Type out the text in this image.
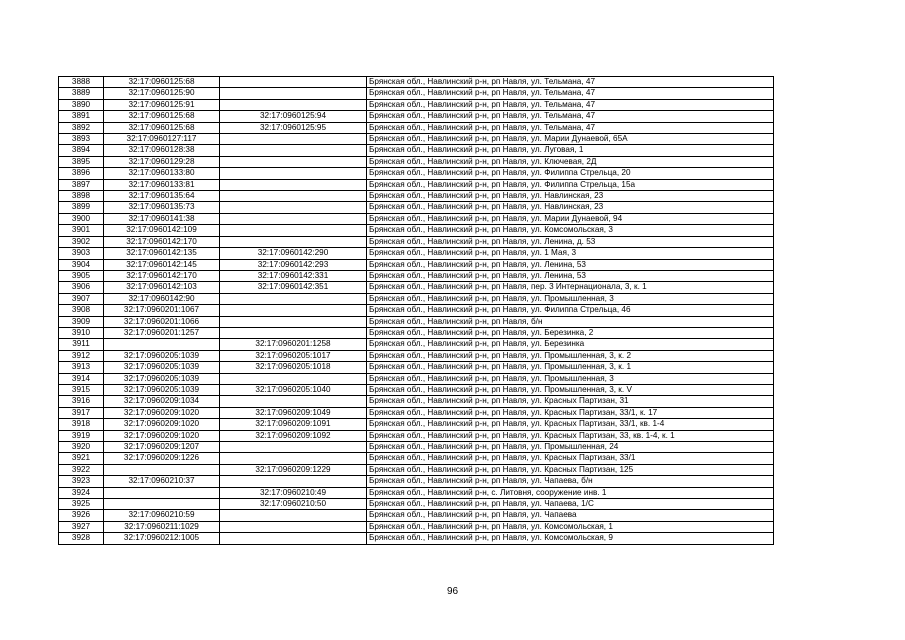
3888	32:17:0960125:68		Брянская обл., Навлинский р-н, рп Навля, ул. Тельмана, 47
3889	32:17:0960125:90		Брянская обл., Навлинский р-н, рп Навля, ул. Тельмана, 47
3890	32:17:0960125:91		Брянская обл., Навлинский р-н, рп Навля, ул. Тельмана, 47
3891	32:17:0960125:68	32:17:0960125:94	Брянская обл., Навлинский р-н, рп Навля, ул. Тельмана, 47
3892	32:17:0960125:68	32:17:0960125:95	Брянская обл., Навлинский р-н, рп Навля, ул. Тельмана, 47
3893	32:17:0960127:117		Брянская обл., Навлинский р-н, рп Навля, ул. Марии Дунаевой, 65А
3894	32:17:0960128:38		Брянская обл., Навлинский р-н, рп Навля, ул. Луговая, 1
3895	32:17:0960129:28		Брянская обл., Навлинский р-н, рп Навля, ул. Ключевая, 2Д
3896	32:17:0960133:80		Брянская обл., Навлинский р-н, рп Навля, ул. Филиппа Стрельца, 20
3897	32:17:0960133:81		Брянская обл., Навлинский р-н, рп Навля, ул. Филиппа Стрельца, 15а
3898	32:17:0960135:64		Брянская обл., Навлинский р-н, рп Навля, ул. Навлинская, 23
3899	32:17:0960135:73		Брянская обл., Навлинский р-н, рп Навля, ул. Навлинская, 23
3900	32:17:0960141:38		Брянская обл., Навлинский р-н, рп Навля, ул. Марии Дунаевой, 94
3901	32:17:0960142:109		Брянская обл., Навлинский р-н, рп Навля, ул. Комсомольская, 3
3902	32:17:0960142:170		Брянская обл., Навлинский р-н, рп Навля, ул. Ленина, д. 53
3903	32:17:0960142:135	32:17:0960142:290	Брянская обл., Навлинский р-н, рп Навля, ул. 1 Мая, 3
3904	32:17:0960142:145	32:17:0960142:293	Брянская обл., Навлинский р-н, рп Навля, ул. Ленина, 53
3905	32:17:0960142:170	32:17:0960142:331	Брянская обл., Навлинский р-н, рп Навля, ул. Ленина, 53
3906	32:17:0960142:103	32:17:0960142:351	Брянская обл., Навлинский р-н, рп Навля, пер. 3 Интернационала, 3, к. 1
3907	32:17:0960142:90		Брянская обл., Навлинский р-н, рп Навля, ул. Промышленная, 3
3908	32:17:0960201:1067		Брянская обл., Навлинский р-н, рп Навля, ул. Филиппа Стрельца, 46
3909	32:17:0960201:1066		Брянская обл., Навлинский р-н, рп Навля, б/н
3910	32:17:0960201:1257		Брянская обл., Навлинский р-н, рп Навля, ул. Березинка, 2
3911		32:17:0960201:1258	Брянская обл., Навлинский р-н, рп Навля, ул. Березинка
3912	32:17:0960205:1039	32:17:0960205:1017	Брянская обл., Навлинский р-н, рп Навля, ул. Промышленная, 3, к. 2
3913	32:17:0960205:1039	32:17:0960205:1018	Брянская обл., Навлинский р-н, рп Навля, ул. Промышленная, 3, к. 1
3914	32:17:0960205:1039		Брянская обл., Навлинский р-н, рп Навля, ул. Промышленная, 3
3915	32:17:0960205:1039	32:17:0960205:1040	Брянская обл., Навлинский р-н, рп Навля, ул. Промышленная, 3, к. V
3916	32:17:0960209:1034		Брянская обл., Навлинский р-н, рп Навля, ул. Красных Партизан, 31
3917	32:17:0960209:1020	32:17:0960209:1049	Брянская обл., Навлинский р-н, рп Навля, ул. Красных Партизан, 33/1, к. 17
3918	32:17:0960209:1020	32:17:0960209:1091	Брянская обл., Навлинский р-н, рп Навля, ул. Красных Партизан, 33/1, кв. 1-4
3919	32:17:0960209:1020	32:17:0960209:1092	Брянская обл., Навлинский р-н, рп Навля, ул. Красных Партизан, 33, кв. 1-4, к. 1
3920	32:17:0960209:1207		Брянская обл., Навлинский р-н, рп Навля, ул. Промышленная, 24
3921	32:17:0960209:1226		Брянская обл., Навлинский р-н, рп Навля, ул. Красных Партизан, 33/1
3922		32:17:0960209:1229	Брянская обл., Навлинский р-н, рп Навля, ул. Красных Партизан, 125
3923	32:17:0960210:37		Брянская обл., Навлинский р-н, рп Навля, ул. Чапаева, б/н
3924		32:17:0960210:49	Брянская обл., Навлинский р-н, с. Литовня, сооружение инв. 1
3925		32:17:0960210:50	Брянская обл., Навлинский р-н, рп Навля, ул. Чапаева, 1/С
3926	32:17:0960210:59		Брянская обл., Навлинский р-н, рп Навля, ул. Чапаева
3927	32:17:0960211:1029		Брянская обл., Навлинский р-н, рп Навля, ул. Комсомольская, 1
3928	32:17:0960212:1005		Брянская обл., Навлинский р-н, рп Навля, ул. Комсомольская, 9
96
